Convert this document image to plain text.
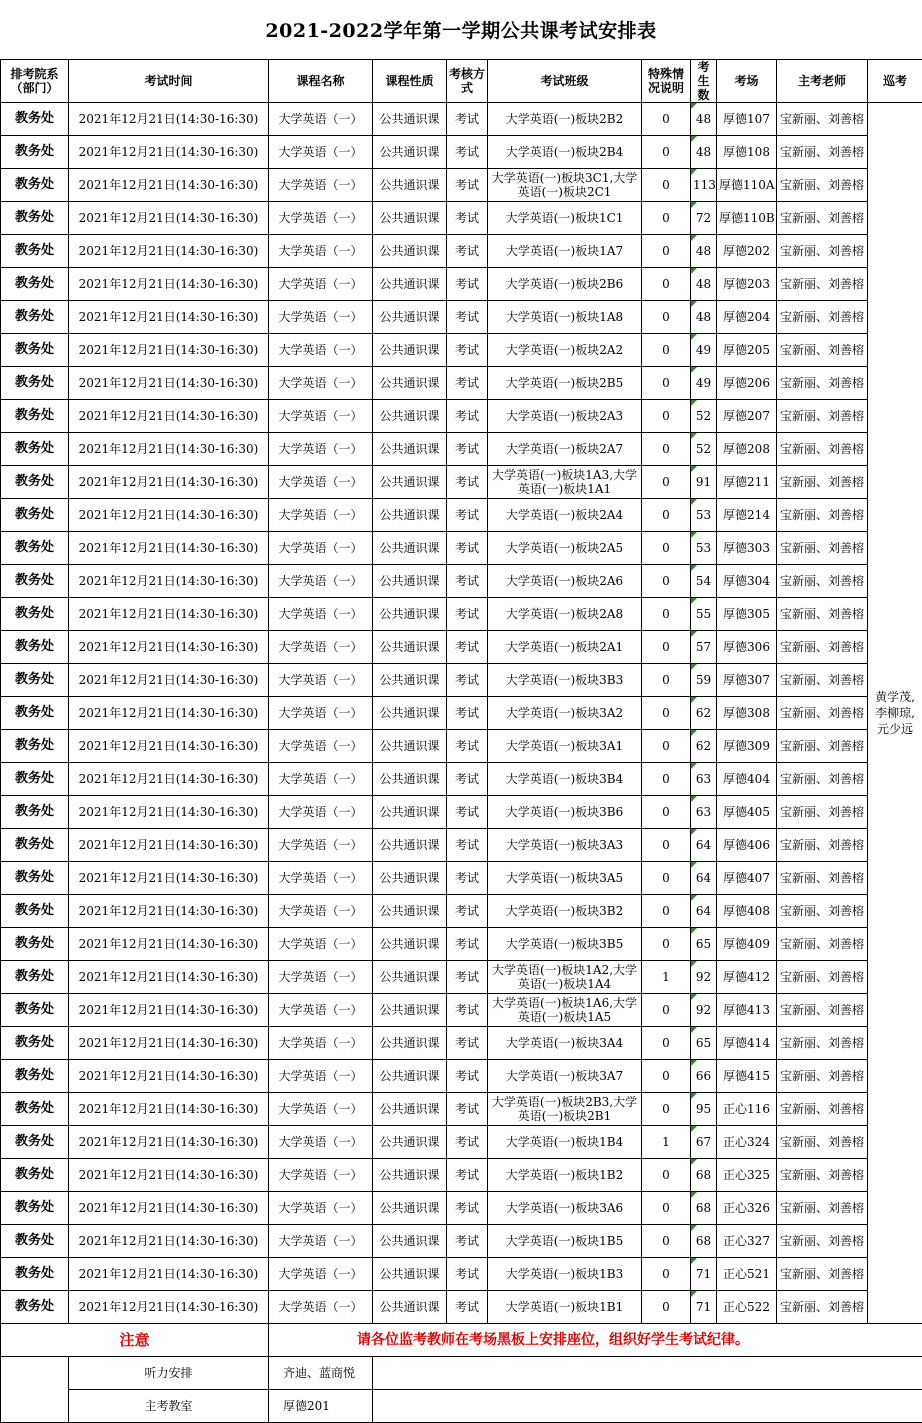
2021-2022学年第一学期公共课考试安排表
排考院系（部门）	考试时间	课程名称	课程性质	考核方式	考试班级	特殊情况说明	考生数	考场	主考老师	巡考
教务处	2021年12月21日(14:30-16:30)	大学英语（一）	公共通识课	考试	大学英语(一)板块2B2	0	48	厚德107	宝新丽、刘善榕	黄学茂,李柳琼,元少远
教务处	2021年12月21日(14:30-16:30)	大学英语（一）	公共通识课	考试	大学英语(一)板块2B4	0	48	厚德108	宝新丽、刘善榕	
教务处	2021年12月21日(14:30-16:30)	大学英语（一）	公共通识课	考试	大学英语(一)板块3C1,大学英语(一)板块2C1	0	113	厚德110A	宝新丽、刘善榕	
教务处	2021年12月21日(14:30-16:30)	大学英语（一）	公共通识课	考试	大学英语(一)板块1C1	0	72	厚德110B	宝新丽、刘善榕	
教务处	2021年12月21日(14:30-16:30)	大学英语（一）	公共通识课	考试	大学英语(一)板块1A7	0	48	厚德202	宝新丽、刘善榕	
教务处	2021年12月21日(14:30-16:30)	大学英语（一）	公共通识课	考试	大学英语(一)板块2B6	0	48	厚德203	宝新丽、刘善榕	
教务处	2021年12月21日(14:30-16:30)	大学英语（一）	公共通识课	考试	大学英语(一)板块1A8	0	48	厚德204	宝新丽、刘善榕	
教务处	2021年12月21日(14:30-16:30)	大学英语（一）	公共通识课	考试	大学英语(一)板块2A2	0	49	厚德205	宝新丽、刘善榕	
教务处	2021年12月21日(14:30-16:30)	大学英语（一）	公共通识课	考试	大学英语(一)板块2B5	0	49	厚德206	宝新丽、刘善榕	
教务处	2021年12月21日(14:30-16:30)	大学英语（一）	公共通识课	考试	大学英语(一)板块2A3	0	52	厚德207	宝新丽、刘善榕	
教务处	2021年12月21日(14:30-16:30)	大学英语（一）	公共通识课	考试	大学英语(一)板块2A7	0	52	厚德208	宝新丽、刘善榕	
教务处	2021年12月21日(14:30-16:30)	大学英语（一）	公共通识课	考试	大学英语(一)板块1A3,大学英语(一)板块1A1	0	91	厚德211	宝新丽、刘善榕	
教务处	2021年12月21日(14:30-16:30)	大学英语（一）	公共通识课	考试	大学英语(一)板块2A4	0	53	厚德214	宝新丽、刘善榕	
教务处	2021年12月21日(14:30-16:30)	大学英语（一）	公共通识课	考试	大学英语(一)板块2A5	0	53	厚德303	宝新丽、刘善榕	
教务处	2021年12月21日(14:30-16:30)	大学英语（一）	公共通识课	考试	大学英语(一)板块2A6	0	54	厚德304	宝新丽、刘善榕	
教务处	2021年12月21日(14:30-16:30)	大学英语（一）	公共通识课	考试	大学英语(一)板块2A8	0	55	厚德305	宝新丽、刘善榕	
教务处	2021年12月21日(14:30-16:30)	大学英语（一）	公共通识课	考试	大学英语(一)板块2A1	0	57	厚德306	宝新丽、刘善榕	
教务处	2021年12月21日(14:30-16:30)	大学英语（一）	公共通识课	考试	大学英语(一)板块3B3	0	59	厚德307	宝新丽、刘善榕	
教务处	2021年12月21日(14:30-16:30)	大学英语（一）	公共通识课	考试	大学英语(一)板块3A2	0	62	厚德308	宝新丽、刘善榕	
教务处	2021年12月21日(14:30-16:30)	大学英语（一）	公共通识课	考试	大学英语(一)板块3A1	0	62	厚德309	宝新丽、刘善榕	
教务处	2021年12月21日(14:30-16:30)	大学英语（一）	公共通识课	考试	大学英语(一)板块3B4	0	63	厚德404	宝新丽、刘善榕	
教务处	2021年12月21日(14:30-16:30)	大学英语（一）	公共通识课	考试	大学英语(一)板块3B6	0	63	厚德405	宝新丽、刘善榕	
教务处	2021年12月21日(14:30-16:30)	大学英语（一）	公共通识课	考试	大学英语(一)板块3A3	0	64	厚德406	宝新丽、刘善榕	
教务处	2021年12月21日(14:30-16:30)	大学英语（一）	公共通识课	考试	大学英语(一)板块3A5	0	64	厚德407	宝新丽、刘善榕	
教务处	2021年12月21日(14:30-16:30)	大学英语（一）	公共通识课	考试	大学英语(一)板块3B2	0	64	厚德408	宝新丽、刘善榕	
教务处	2021年12月21日(14:30-16:30)	大学英语（一）	公共通识课	考试	大学英语(一)板块3B5	0	65	厚德409	宝新丽、刘善榕	
教务处	2021年12月21日(14:30-16:30)	大学英语（一）	公共通识课	考试	大学英语(一)板块1A2,大学英语(一)板块1A4	1	92	厚德412	宝新丽、刘善榕	
教务处	2021年12月21日(14:30-16:30)	大学英语（一）	公共通识课	考试	大学英语(一)板块1A6,大学英语(一)板块1A5	0	92	厚德413	宝新丽、刘善榕	
教务处	2021年12月21日(14:30-16:30)	大学英语（一）	公共通识课	考试	大学英语(一)板块3A4	0	65	厚德414	宝新丽、刘善榕	
教务处	2021年12月21日(14:30-16:30)	大学英语（一）	公共通识课	考试	大学英语(一)板块3A7	0	66	厚德415	宝新丽、刘善榕	
教务处	2021年12月21日(14:30-16:30)	大学英语（一）	公共通识课	考试	大学英语(一)板块2B3,大学英语(一)板块2B1	0	95	正心116	宝新丽、刘善榕	
教务处	2021年12月21日(14:30-16:30)	大学英语（一）	公共通识课	考试	大学英语(一)板块1B4	1	67	正心324	宝新丽、刘善榕	
教务处	2021年12月21日(14:30-16:30)	大学英语（一）	公共通识课	考试	大学英语(一)板块1B2	0	68	正心325	宝新丽、刘善榕	
教务处	2021年12月21日(14:30-16:30)	大学英语（一）	公共通识课	考试	大学英语(一)板块3A6	0	68	正心326	宝新丽、刘善榕	
教务处	2021年12月21日(14:30-16:30)	大学英语（一）	公共通识课	考试	大学英语(一)板块1B5	0	68	正心327	宝新丽、刘善榕	
教务处	2021年12月21日(14:30-16:30)	大学英语（一）	公共通识课	考试	大学英语(一)板块1B3	0	71	正心521	宝新丽、刘善榕	
教务处	2021年12月21日(14:30-16:30)	大学英语（一）	公共通识课	考试	大学英语(一)板块1B1	0	71	正心522	宝新丽、刘善榕	
注意		请各位监考教师在考场黑板上安排座位，组织好学生考试纪律。								
	听力安排	齐迪、蓝商悦								
	主考教室	厚德201								
